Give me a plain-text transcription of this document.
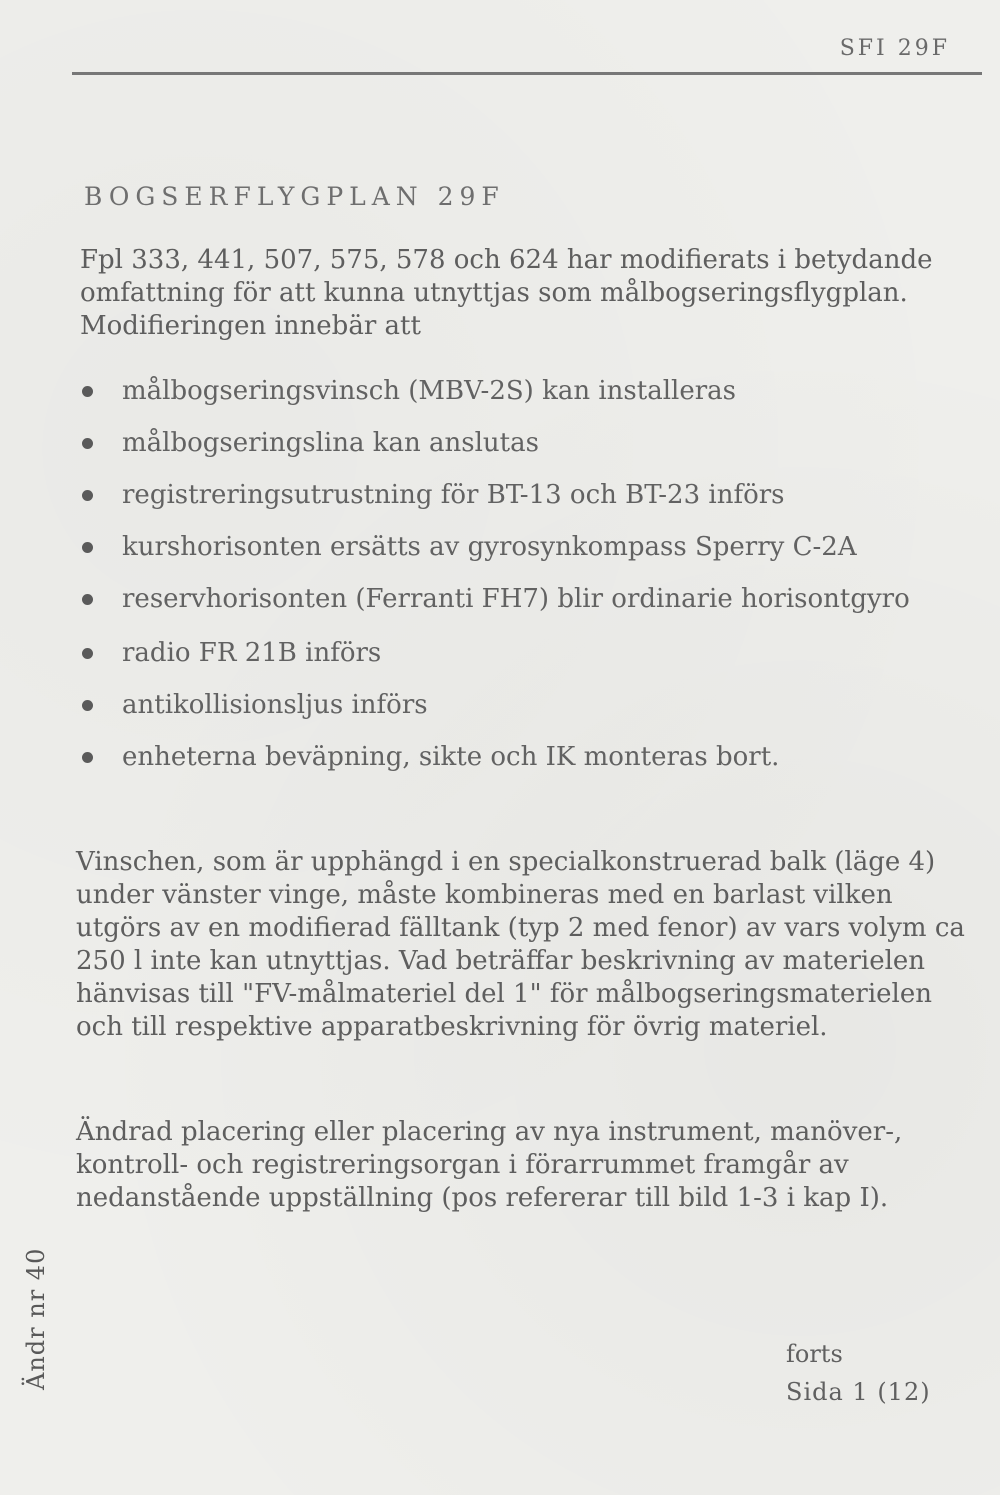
SFI 29F
BOGSERFLYGPLAN 29F
Fpl 333, 441, 507, 575, 578 och 624 har modifierats i betydande omfattning för att kunna utnyttjas som målbogseringsflygplan. Modifieringen innebär att
målbogseringsvinsch (MBV-2S) kan installeras
målbogseringslina kan anslutas
registreringsutrustning för BT-13 och BT-23 införs
kurshorisonten ersätts av gyrosynkompass Sperry C-2A
reservhorisonten (Ferranti FH7) blir ordinarie horisontgyro
radio FR 21B införs
antikollisionsljus införs
enheterna beväpning, sikte och IK monteras bort.
Vinschen, som är upphängd i en specialkonstruerad balk (läge 4) under vänster vinge, måste kombineras med en barlast vilken utgörs av en modifierad fälltank (typ 2 med fenor) av vars volym ca 250 l inte kan utnyttjas. Vad beträffar beskrivning av materielen hänvisas till "FV-målmateriel del 1" för målbogseringsmaterielen och till respektive apparatbeskrivning för övrig materiel.
Ändrad placering eller placering av nya instrument, manöver-, kontroll- och registreringsorgan i förarrummet framgår av nedanstående uppställning (pos refererar till bild 1-3 i kap I).
Ändr nr 40	forts
Sida 1 (12)
